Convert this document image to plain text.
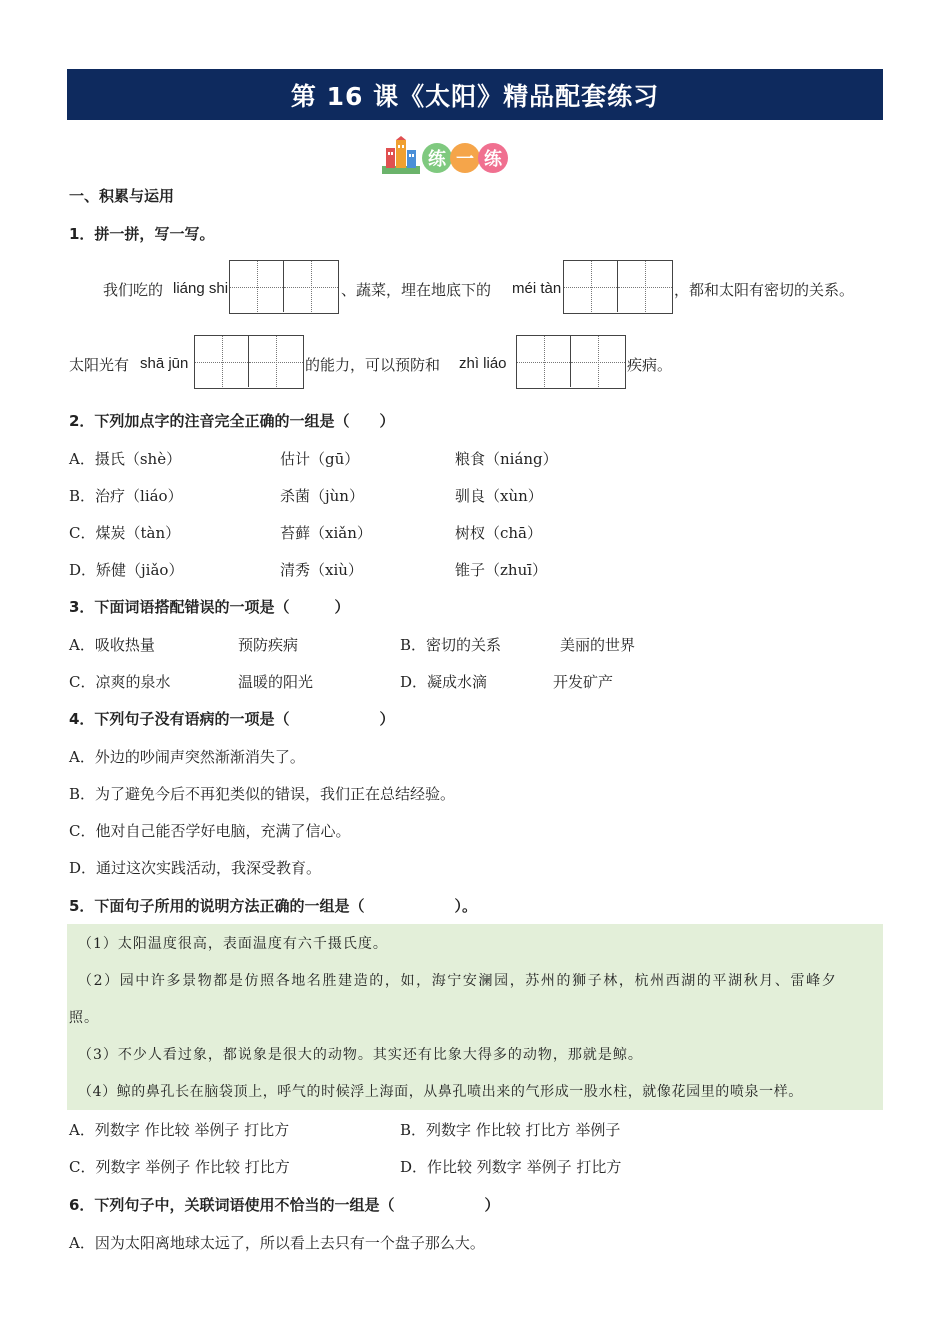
第 16 课《太阳》精品配套练习
练 一 练
一、积累与运用
1．拼一拼，写一写。
我们吃的 liáng shi	、蔬菜，埋在地底下的 méi tàn	，都和太阳有密切的关系。
太阳光有 shā jūn	的能力，可以预防和 zhì liáo	疾病。
2．下列加点字的注音完全正确的一组是（　　）
A．摄氏（shè）	估计（gū）	粮食（niáng）
B．治疗（liáo）	杀菌（jùn）	驯良（xùn）
C．煤炭（tàn）	苔藓（xiǎn）	树杈（chā）
D．矫健（jiǎo）	清秀（xiù）	锥子（zhuī）
3．下面词语搭配错误的一项是（　　　）
A．吸收热量	预防疾病	B．密切的关系	美丽的世界
C．凉爽的泉水	温暖的阳光	D．凝成水滴	开发矿产
4．下列句子没有语病的一项是（　　　　　　）
A．外边的吵闹声突然渐渐消失了。
B．为了避免今后不再犯类似的错误，我们正在总结经验。
C．他对自己能否学好电脑，充满了信心。
D．通过这次实践活动，我深受教育。
5．下面句子所用的说明方法正确的一组是（　　　　　　）。
（1）太阳温度很高，表面温度有六千摄氏度。
（2）园中许多景物都是仿照各地名胜建造的，如，海宁安澜园，苏州的狮子林，杭州西湖的平湖秋月、雷峰夕
照。
（3）不少人看过象，都说象是很大的动物。其实还有比象大得多的动物，那就是鲸。
（4）鲸的鼻孔长在脑袋顶上，呼气的时候浮上海面，从鼻孔喷出来的气形成一股水柱，就像花园里的喷泉一样。
A．列数字 作比较 举例子 打比方	B．列数字 作比较 打比方 举例子
C．列数字 举例子 作比较 打比方	D．作比较 列数字 举例子 打比方
6．下列句子中，关联词语使用不恰当的一组是（　　　　　　）
A．因为太阳离地球太远了，所以看上去只有一个盘子那么大。
